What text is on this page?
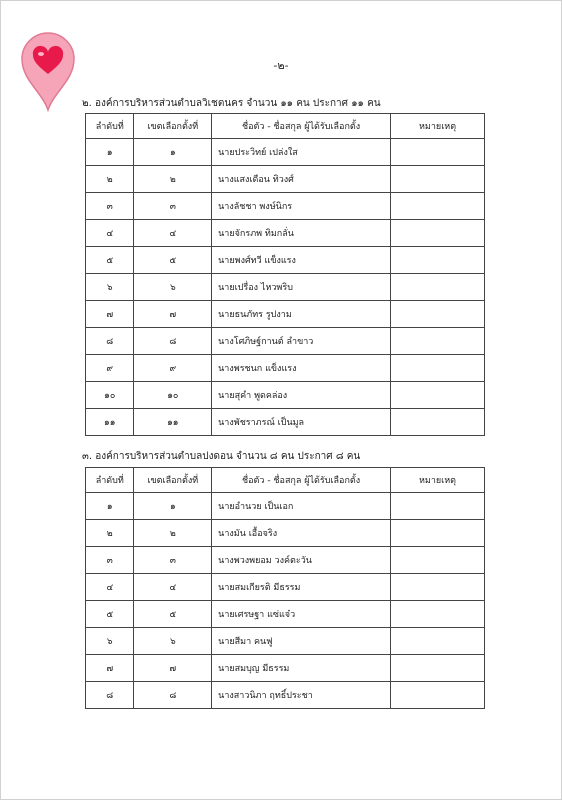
-๒-
๒. องค์การบริหารส่วนตำบลวิเชตนคร จำนวน ๑๑ คน ประกาศ ๑๑ คน
ลำดับที่	เขตเลือกตั้งที่	ชื่อตัว - ชื่อสกุล ผู้ได้รับเลือกตั้ง	หมายเหตุ
๑	๑	นายประวิทย์ เปล่งใส	
๒	๒	นางแสงเดือน ทิวงศ์	
๓	๓	นางลัชชา พงษ์นิกร	
๔	๔	นายจักรภพ ทิมกลั่น	
๕	๕	นายพงศ์ทวี แข็งแรง	
๖	๖	นายเปรื่อง ไหวพริบ	
๗	๗	นายธนภัทร รูปงาม	
๘	๘	นางโศภิษฐ์กานต์ ลำขาว	
๙	๙	นางพรชนก แข็งแรง	
๑๐	๑๐	นายสุคำ พูดคล่อง	
๑๑	๑๑	นางพัชราภรณ์ เป็นมูล	
๓. องค์การบริหารส่วนตำบลปงดอน จำนวน ๘ คน ประกาศ ๘ คน
ลำดับที่	เขตเลือกตั้งที่	ชื่อตัว - ชื่อสกุล ผู้ได้รับเลือกตั้ง	หมายเหตุ
๑	๑	นายอำนวย เป็นเอก	
๒	๒	นางมัน เอื้อจริง	
๓	๓	นางพวงพยอม วงค์ตะวัน	
๔	๔	นายสมเกียรติ มีธรรม	
๕	๕	นายเศรษฐา แซ่แจ๋ว	
๖	๖	นายสีมา คนฟู	
๗	๗	นายสมบุญ มีธรรม	
๘	๘	นางสาวนิภา ฤทธิ์ประชา	
